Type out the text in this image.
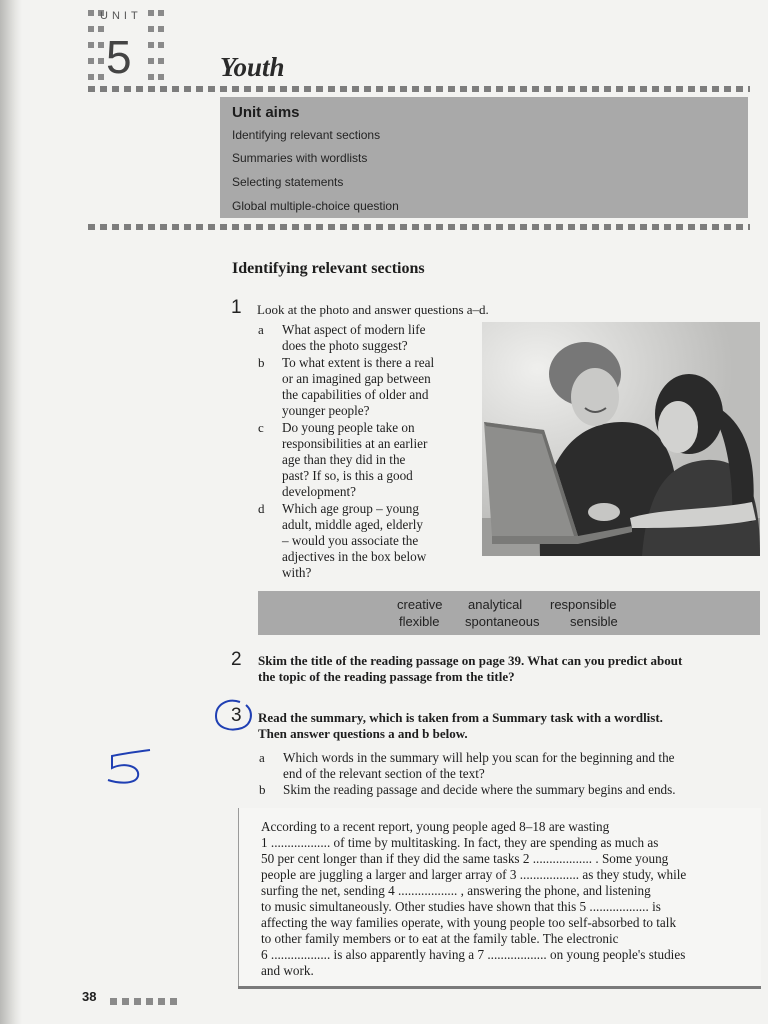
UNIT
5	Youth
Unit aims
Identifying relevant sections
Summaries with wordlists
Selecting statements
Global multiple-choice question
Identifying relevant sections
1 Look at the photo and answer questions a–d.
a What aspect of modern life
does the photo suggest?
b To what extent is there a real
or an imagined gap between
the capabilities of older and
younger people?
c Do young people take on
responsibilities at an earlier
age than they did in the
past? If so, is this a good
development?
d Which age group – young
adult, middle aged, elderly
– would you associate the
adjectives in the box below
with?
creative analytical responsible
flexible spontaneous sensible
2 Skim the title of the reading passage on page 39. What can you predict about
the topic of the reading passage from the title?
3 Read the summary, which is taken from a Summary task with a wordlist.
Then answer questions a and b below.
a Which words in the summary will help you scan for the beginning and the
end of the relevant section of the text?
b Skim the reading passage and decide where the summary begins and ends.
According to a recent report, young people aged 8–18 are wasting
1 .................. of time by multitasking. In fact, they are spending as much as
50 per cent longer than if they did the same tasks 2 .................. . Some young
people are juggling a larger and larger array of 3 .................. as they study, while
surfing the net, sending 4 .................. , answering the phone, and listening
to music simultaneously. Other studies have shown that this 5 .................. is
affecting the way families operate, with young people too self-absorbed to talk
to other family members or to eat at the family table. The electronic
6 .................. is also apparently having a 7 .................. on young people's studies
and work.
38
